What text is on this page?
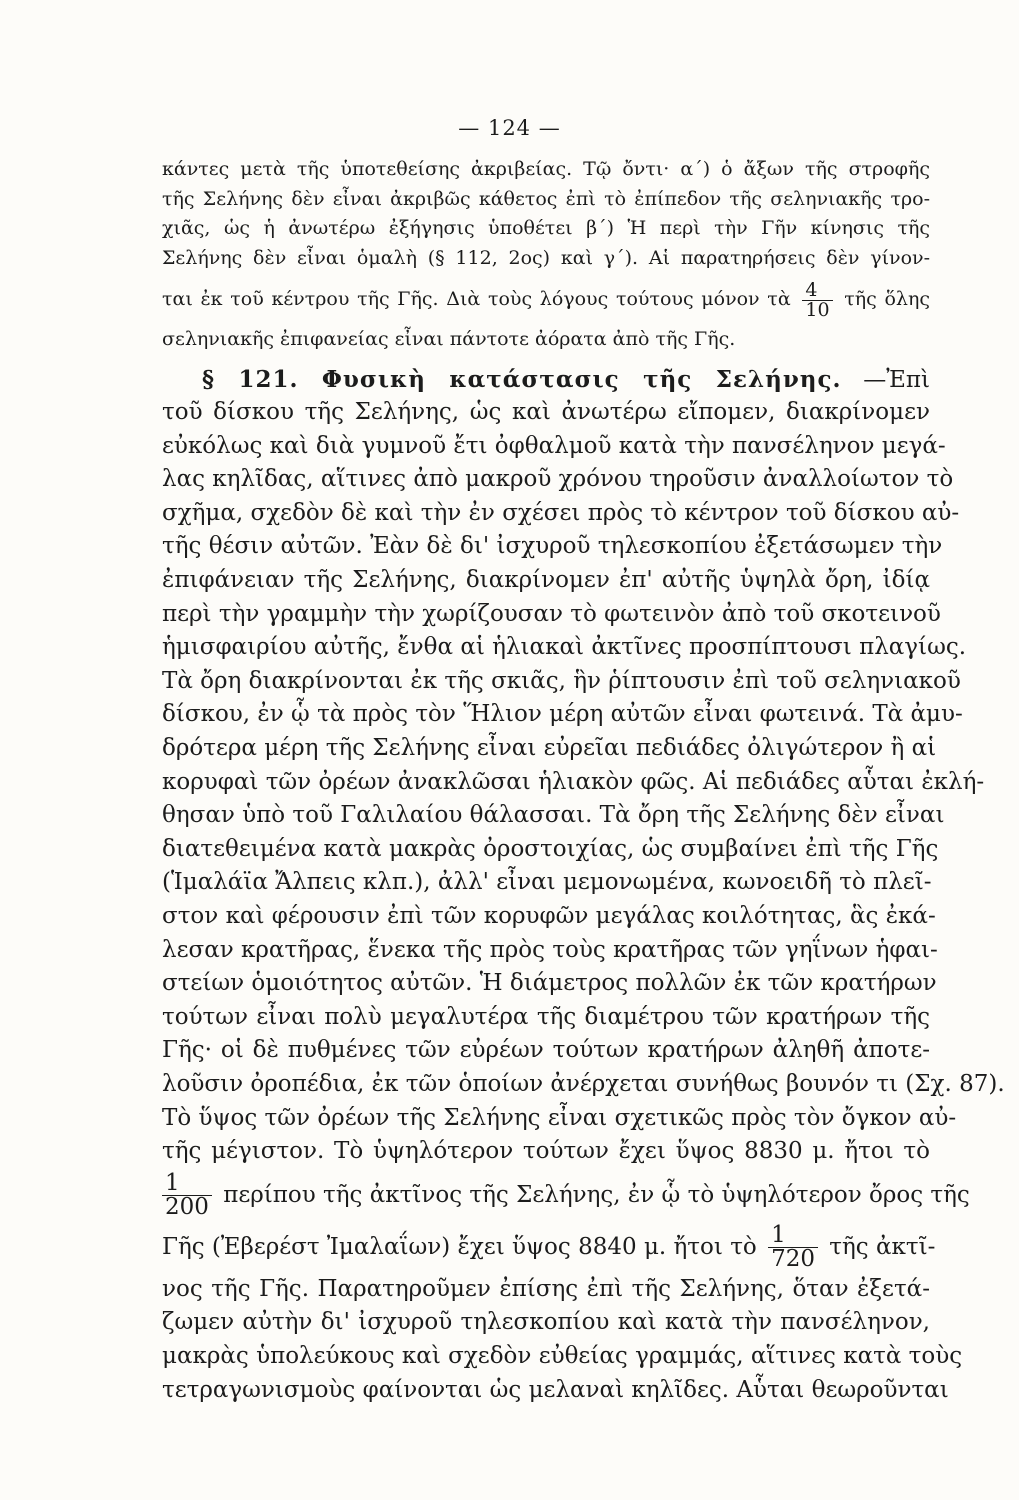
— 124 —
κάντες μετὰ τῆς ὑποτεθείσης ἀκριβείας. Τῷ ὄντι· α΄) ὁ ἄξων τῆς στροφῆς
τῆς Σελήνης δὲν εἶναι ἀκριβῶς κάθετος ἐπὶ τὸ ἐπίπεδον τῆς σεληνιακῆς τρο-
χιᾶς, ὡς ἡ ἀνωτέρω ἐξήγησις ὑποθέτει β΄) Ἡ περὶ τὴν Γῆν κίνησις τῆς
Σελήνης δὲν εἶναι ὁμαλὴ (§ 112, 2ος) καὶ γ΄). Αἱ παρατηρήσεις δὲν γίνον-
ται ἐκ τοῦ κέντρου τῆς Γῆς. Διὰ τοὺς λόγους τούτους μόνον τὰ $\frac{4}{10}$ τῆς ὅλης
σεληνιακῆς ἐπιφανείας εἶναι πάντοτε ἀόρατα ἀπὸ τῆς Γῆς.
§ 121. Φυσικὴ κατάστασις τῆς Σελήνης. —Ἐπὶ
τοῦ δίσκου τῆς Σελήνης, ὡς καὶ ἀνωτέρω εἴπομεν, διακρίνομεν
εὐκόλως καὶ διὰ γυμνοῦ ἔτι ὀφθαλμοῦ κατὰ τὴν πανσέληνον μεγά-
λας κηλῖδας, αἵτινες ἀπὸ μακροῦ χρόνου τηροῦσιν ἀναλλοίωτον τὸ
σχῆμα, σχεδὸν δὲ καὶ τὴν ἐν σχέσει πρὸς τὸ κέντρον τοῦ δίσκου αὐ-
τῆς θέσιν αὐτῶν. Ἐὰν δὲ δι' ἰσχυροῦ τηλεσκοπίου ἐξετάσωμεν τὴν
ἐπιφάνειαν τῆς Σελήνης, διακρίνομεν ἐπ' αὐτῆς ὑψηλὰ ὄρη, ἰδίᾳ
περὶ τὴν γραμμὴν τὴν χωρίζουσαν τὸ φωτεινὸν ἀπὸ τοῦ σκοτεινοῦ
ἡμισφαιρίου αὐτῆς, ἔνθα αἱ ἡλιακαὶ ἀκτῖνες προσπίπτουσι πλαγίως.
Τὰ ὄρη διακρίνονται ἐκ τῆς σκιᾶς, ἣν ῥίπτουσιν ἐπὶ τοῦ σεληνιακοῦ
δίσκου, ἐν ᾧ τὰ πρὸς τὸν Ἥλιον μέρη αὐτῶν εἶναι φωτεινά. Τὰ ἀμυ-
δρότερα μέρη τῆς Σελήνης εἶναι εὐρεῖαι πεδιάδες ὀλιγώτερον ἢ αἱ
κορυφαὶ τῶν ὀρέων ἀνακλῶσαι ἡλιακὸν φῶς. Αἱ πεδιάδες αὗται ἐκλή-
θησαν ὑπὸ τοῦ Γαλιλαίου θάλασσαι. Τὰ ὄρη τῆς Σελήνης δὲν εἶναι
διατεθειμένα κατὰ μακρὰς ὀροστοιχίας, ὡς συμβαίνει ἐπὶ τῆς Γῆς
(Ἱμαλάϊα Ἄλπεις κλπ.), ἀλλ' εἶναι μεμονωμένα, κωνοειδῆ τὸ πλεῖ-
στον καὶ φέρουσιν ἐπὶ τῶν κορυφῶν μεγάλας κοιλότητας, ἃς ἐκά-
λεσαν κρατῆρας, ἕνεκα τῆς πρὸς τοὺς κρατῆρας τῶν γηΐνων ἡφαι-
στείων ὁμοιότητος αὐτῶν. Ἡ διάμετρος πολλῶν ἐκ τῶν κρατήρων
τούτων εἶναι πολὺ μεγαλυτέρα τῆς διαμέτρου τῶν κρατήρων τῆς
Γῆς· οἱ δὲ πυθμένες τῶν εὐρέων τούτων κρατήρων ἀληθῆ ἀποτε-
λοῦσιν ὀροπέδια, ἐκ τῶν ὁποίων ἀνέρχεται συνήθως βουνόν τι (Σχ. 87).
Τὸ ὕψος τῶν ὀρέων τῆς Σελήνης εἶναι σχετικῶς πρὸς τὸν ὄγκον αὐ-
τῆς μέγιστον. Τὸ ὑψηλότερον τούτων ἔχει ὕψος 8830 μ. ἤτοι τὸ
$\frac{1}{200}$ περίπου τῆς ἀκτῖνος τῆς Σελήνης, ἐν ᾧ τὸ ὑψηλότερον ὄρος τῆς
Γῆς (Ἐβερέστ Ἰμαλαΐων) ἔχει ὕψος 8840 μ. ἤτοι τὸ $\frac{1}{720}$ τῆς ἀκτῖ-
νος τῆς Γῆς. Παρατηροῦμεν ἐπίσης ἐπὶ τῆς Σελήνης, ὅταν ἐξετά-
ζωμεν αὐτὴν δι' ἰσχυροῦ τηλεσκοπίου καὶ κατὰ τὴν πανσέληνον,
μακρὰς ὑπολεύκους καὶ σχεδὸν εὐθείας γραμμάς, αἵτινες κατὰ τοὺς
τετραγωνισμοὺς φαίνονται ὡς μελαναὶ κηλῖδες. Αὗται θεωροῦνται
